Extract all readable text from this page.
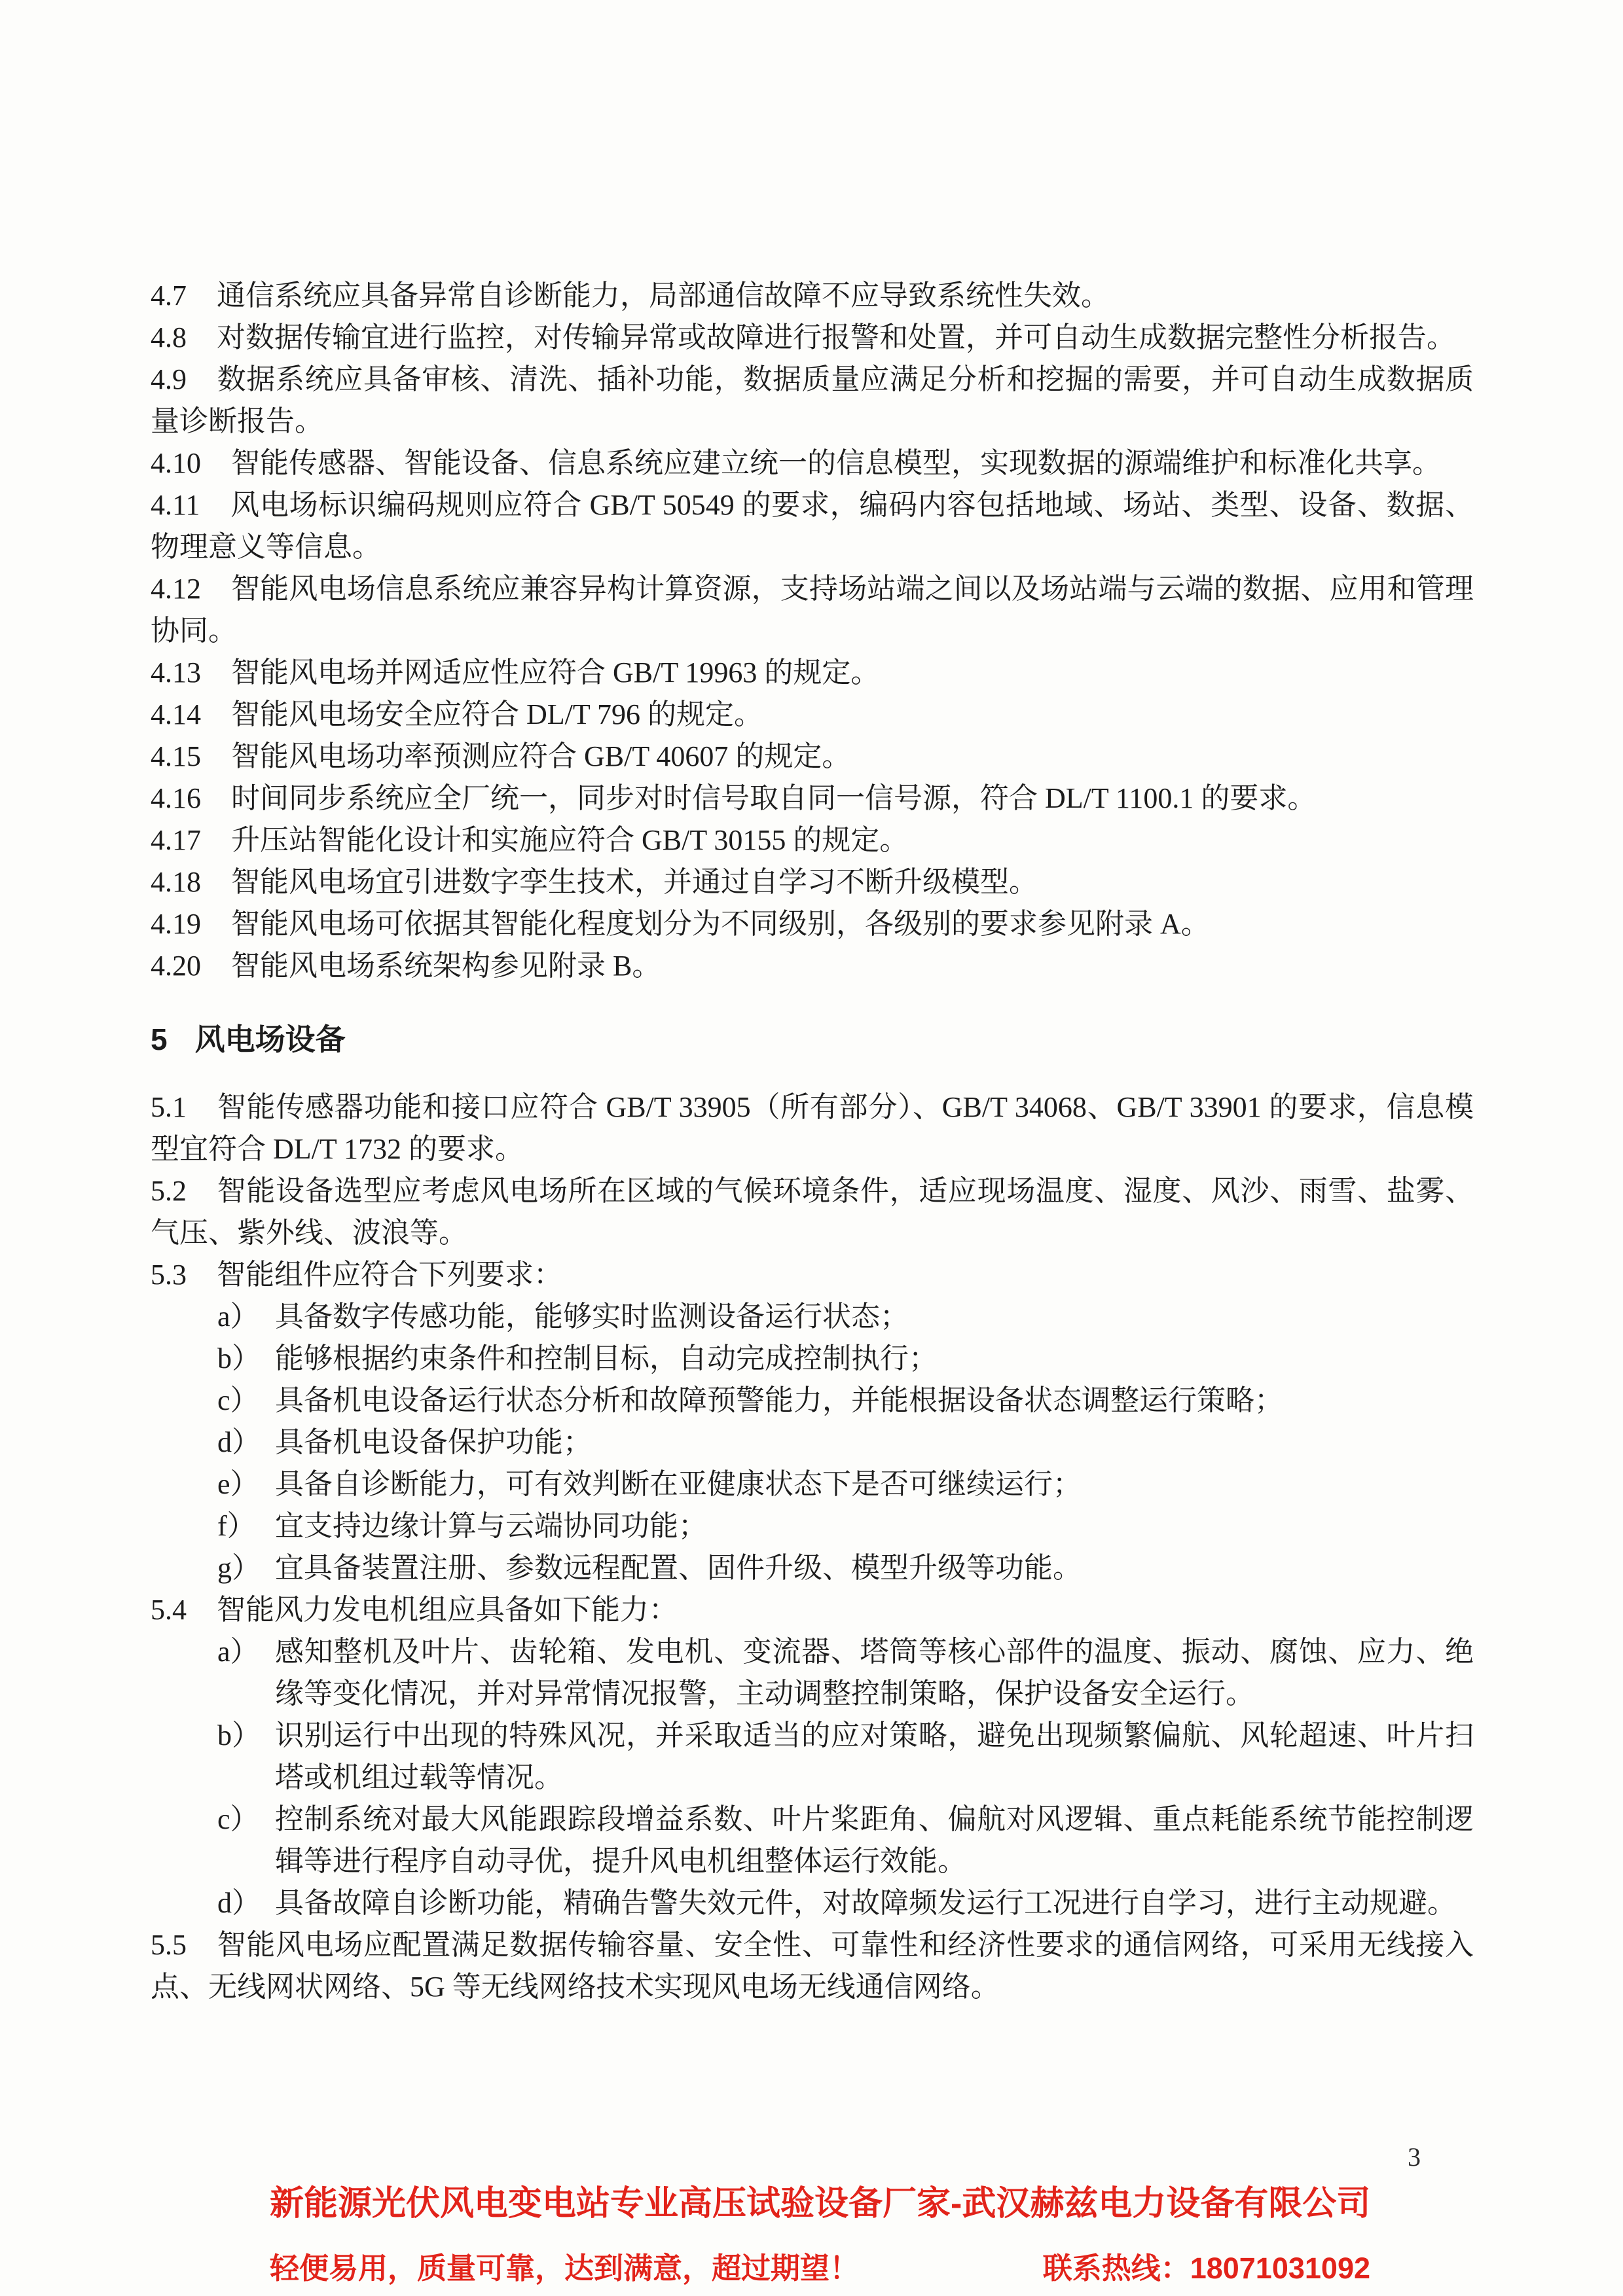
4.7 通信系统应具备异常自诊断能力，局部通信故障不应导致系统性失效。

4.8 对数据传输宜进行监控，对传输异常或故障进行报警和处置，并可自动生成数据完整性分析报告。

4.9 数据系统应具备审核、清洗、插补功能，数据质量应满足分析和挖掘的需要，并可自动生成数据质量诊断报告。

4.10 智能传感器、智能设备、信息系统应建立统一的信息模型，实现数据的源端维护和标准化共享。

4.11 风电场标识编码规则应符合 GB/T 50549 的要求，编码内容包括地域、场站、类型、设备、数据、物理意义等信息。

4.12 智能风电场信息系统应兼容异构计算资源，支持场站端之间以及场站端与云端的数据、应用和管理协同。

4.13 智能风电场并网适应性应符合 GB/T 19963 的规定。

4.14 智能风电场安全应符合 DL/T 796 的规定。

4.15 智能风电场功率预测应符合 GB/T 40607 的规定。

4.16 时间同步系统应全厂统一，同步对时信号取自同一信号源，符合 DL/T 1100.1 的要求。

4.17 升压站智能化设计和实施应符合 GB/T 30155 的规定。

4.18 智能风电场宜引进数字孪生技术，并通过自学习不断升级模型。

4.19 智能风电场可依据其智能化程度划分为不同级别，各级别的要求参见附录 A。

4.20 智能风电场系统架构参见附录 B。

5 风电场设备

5.1 智能传感器功能和接口应符合 GB/T 33905（所有部分）、GB/T 34068、GB/T 33901 的要求，信息模型宜符合 DL/T 1732 的要求。

5.2 智能设备选型应考虑风电场所在区域的气候环境条件，适应现场温度、湿度、风沙、雨雪、盐雾、气压、紫外线、波浪等。

5.3 智能组件应符合下列要求：

a） 具备数字传感功能，能够实时监测设备运行状态；
b） 能够根据约束条件和控制目标，自动完成控制执行；
c） 具备机电设备运行状态分析和故障预警能力，并能根据设备状态调整运行策略；
d） 具备机电设备保护功能；
e） 具备自诊断能力，可有效判断在亚健康状态下是否可继续运行；
f） 宜支持边缘计算与云端协同功能；
g） 宜具备装置注册、参数远程配置、固件升级、模型升级等功能。

5.4 智能风力发电机组应具备如下能力：

a） 感知整机及叶片、齿轮箱、发电机、变流器、塔筒等核心部件的温度、振动、腐蚀、应力、绝缘等变化情况，并对异常情况报警，主动调整控制策略，保护设备安全运行。
b） 识别运行中出现的特殊风况，并采取适当的应对策略，避免出现频繁偏航、风轮超速、叶片扫塔或机组过载等情况。
c） 控制系统对最大风能跟踪段增益系数、叶片桨距角、偏航对风逻辑、重点耗能系统节能控制逻辑等进行程序自动寻优，提升风电机组整体运行效能。
d） 具备故障自诊断功能，精确告警失效元件，对故障频发运行工况进行自学习，进行主动规避。

5.5 智能风电场应配置满足数据传输容量、安全性、可靠性和经济性要求的通信网络，可采用无线接入点、无线网状网络、5G 等无线网络技术实现风电场无线通信网络。

3
新能源光伏风电变电站专业高压试验设备厂家-武汉赫兹电力设备有限公司
轻便易用，质量可靠，达到满意，超过期望！	联系热线：18071031092
